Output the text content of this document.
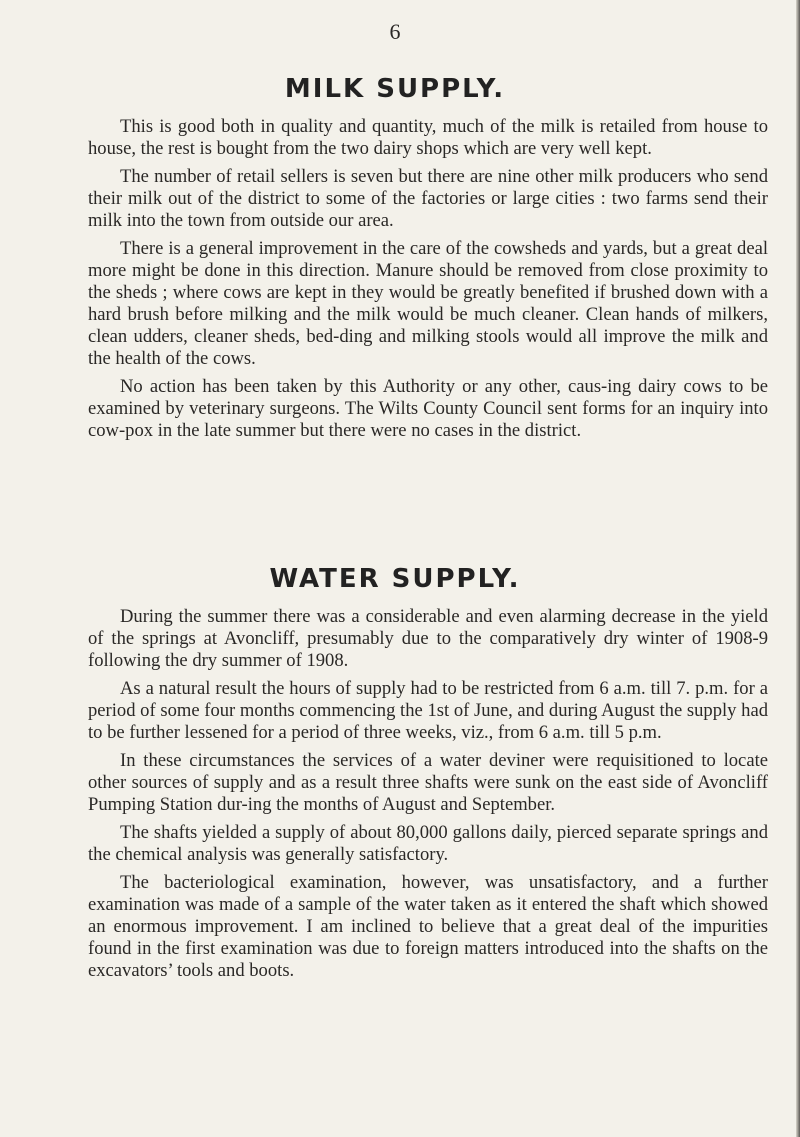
6
MILK SUPPLY.

This is good both in quality and quantity, much of the milk is retailed from house to house, the rest is bought from the two dairy shops which are very well kept.

The number of retail sellers is seven but there are nine other milk producers who send their milk out of the district to some of the factories or large cities : two farms send their milk into the town from outside our area.

There is a general improvement in the care of the cowsheds and yards, but a great deal more might be done in this direction. Manure should be removed from close proximity to the sheds ; where cows are kept in they would be greatly benefited if brushed down with a hard brush before milking and the milk would be much cleaner. Clean hands of milkers, clean udders, cleaner sheds, bed-ding and milking stools would all improve the milk and the health of the cows.

No action has been taken by this Authority or any other, caus-ing dairy cows to be examined by veterinary surgeons. The Wilts County Council sent forms for an inquiry into cow-pox in the late summer but there were no cases in the district.

WATER SUPPLY.

During the summer there was a considerable and even alarming decrease in the yield of the springs at Avoncliff, presumably due to the comparatively dry winter of 1908-9 following the dry summer of 1908.

As a natural result the hours of supply had to be restricted from 6 a.m. till 7. p.m. for a period of some four months commencing the 1st of June, and during August the supply had to be further lessened for a period of three weeks, viz., from 6 a.m. till 5 p.m.

In these circumstances the services of a water deviner were requisitioned to locate other sources of supply and as a result three shafts were sunk on the east side of Avoncliff Pumping Station dur-ing the months of August and September.

The shafts yielded a supply of about 80,000 gallons daily, pierced separate springs and the chemical analysis was generally satisfactory.

The bacteriological examination, however, was unsatisfactory, and a further examination was made of a sample of the water taken as it entered the shaft which showed an enormous improvement. I am inclined to believe that a great deal of the impurities found in the first examination was due to foreign matters introduced into the shafts on the excavators’ tools and boots.
